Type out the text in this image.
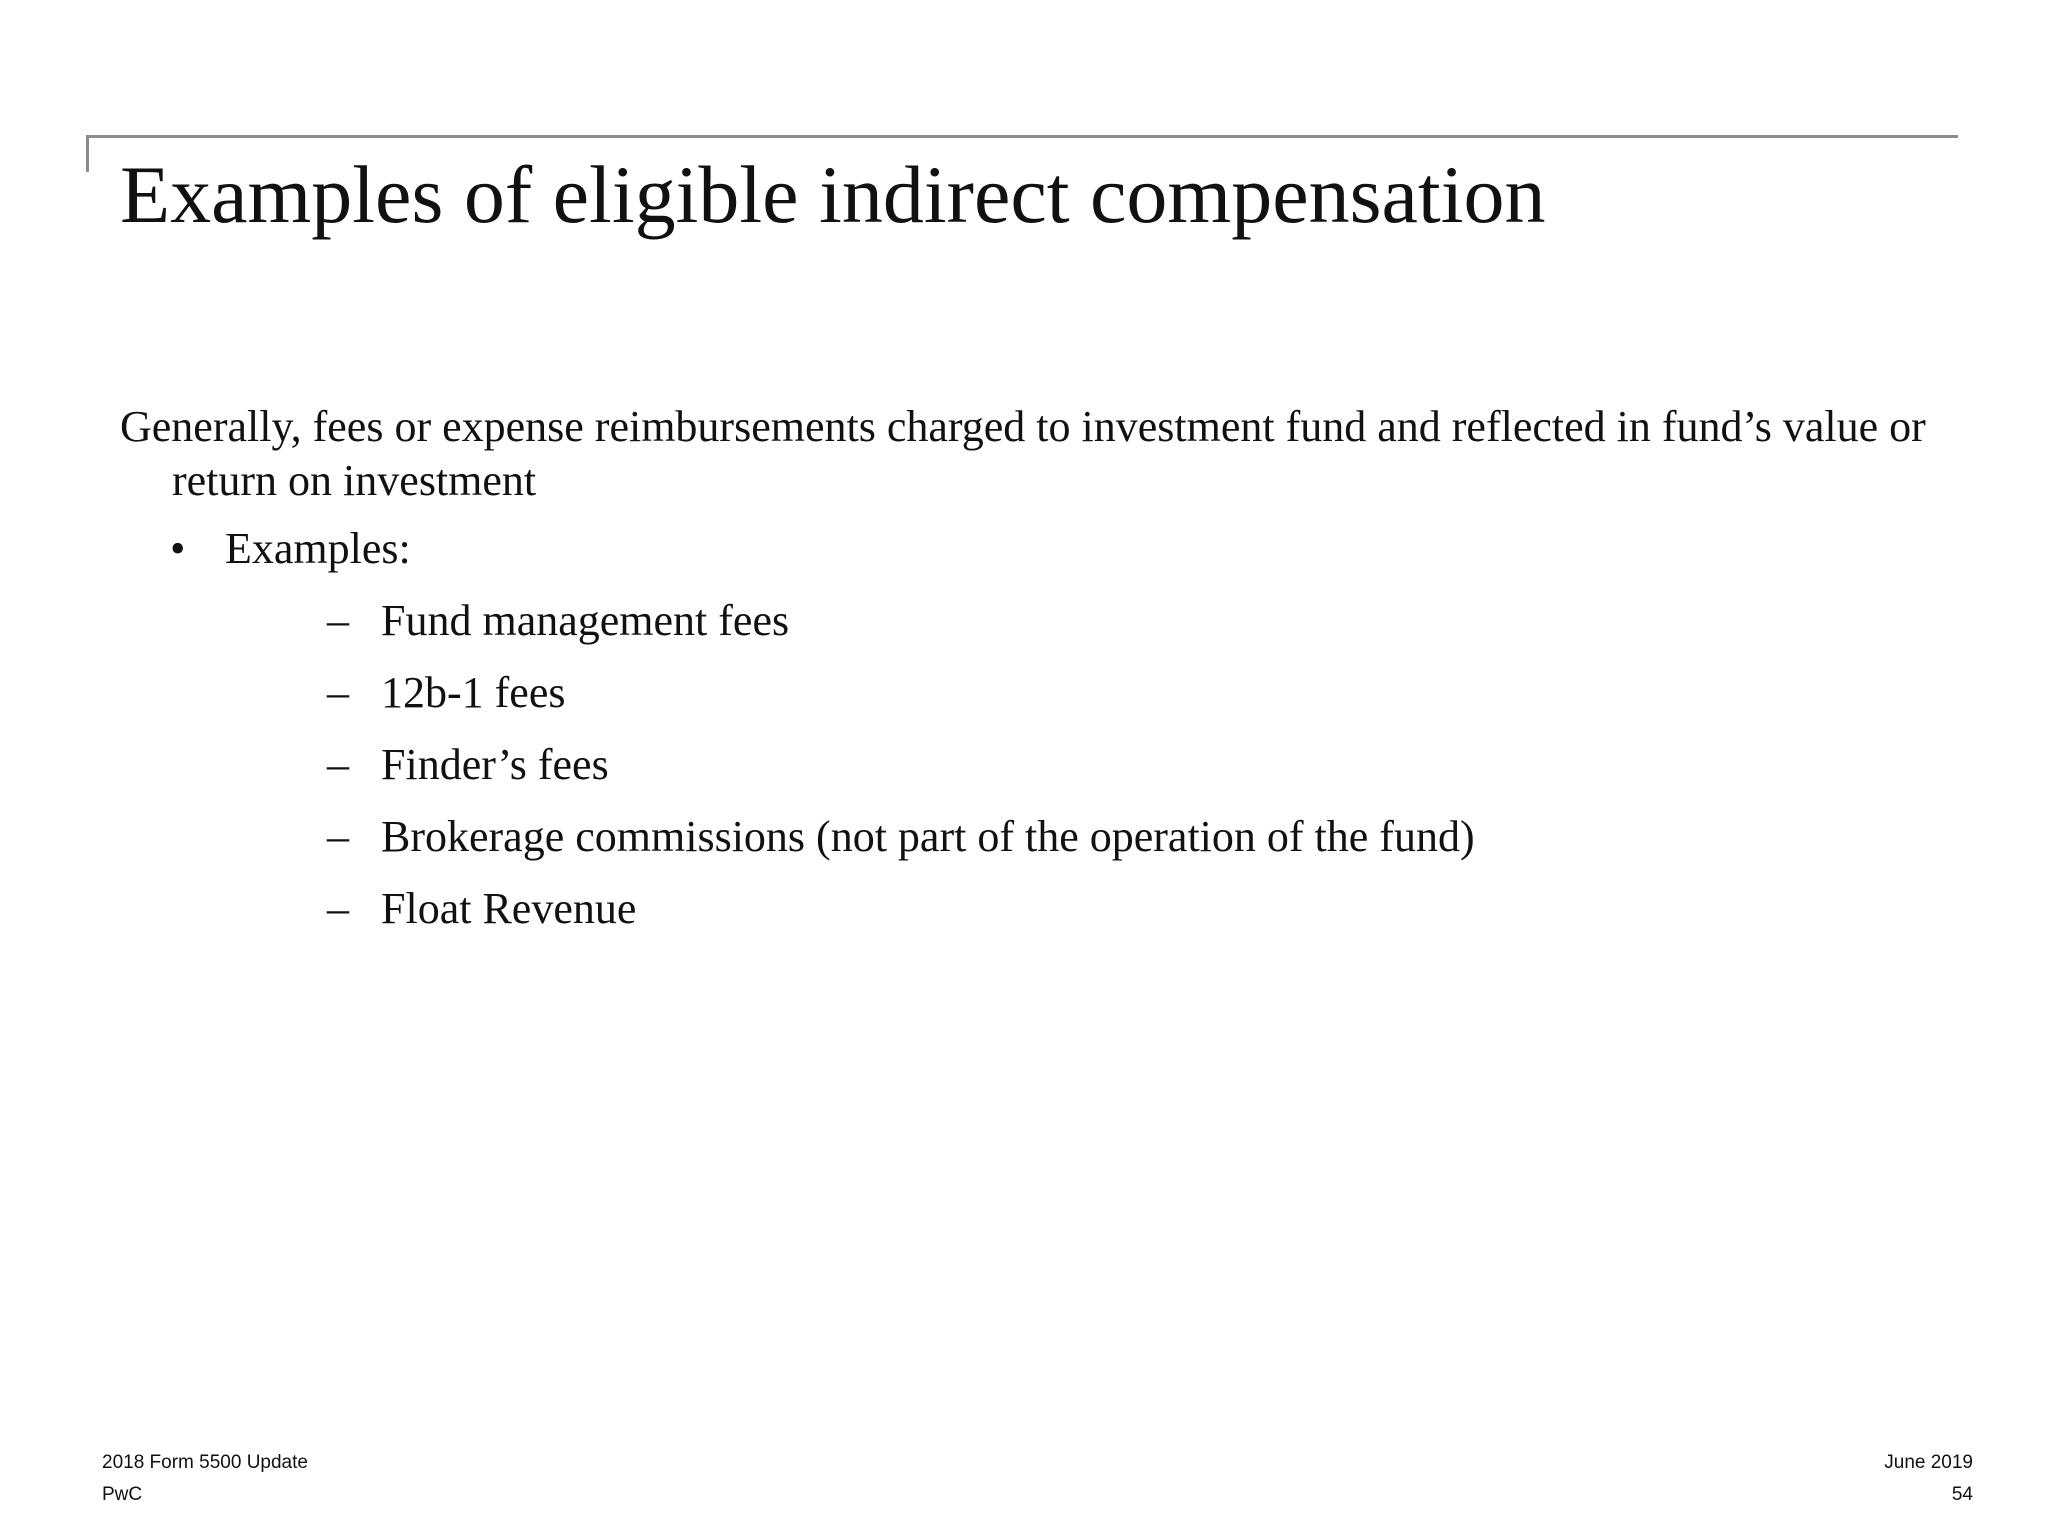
Examples of eligible indirect compensation

Generally, fees or expense reimbursements charged to investment fund and reflected in fund’s value or return on investment

• Examples:
– Fund management fees
– 12b-1 fees
– Finder’s fees
– Brokerage commissions (not part of the operation of the fund)
– Float Revenue
2018 Form 5500 Update
PwC
June 2019
54
